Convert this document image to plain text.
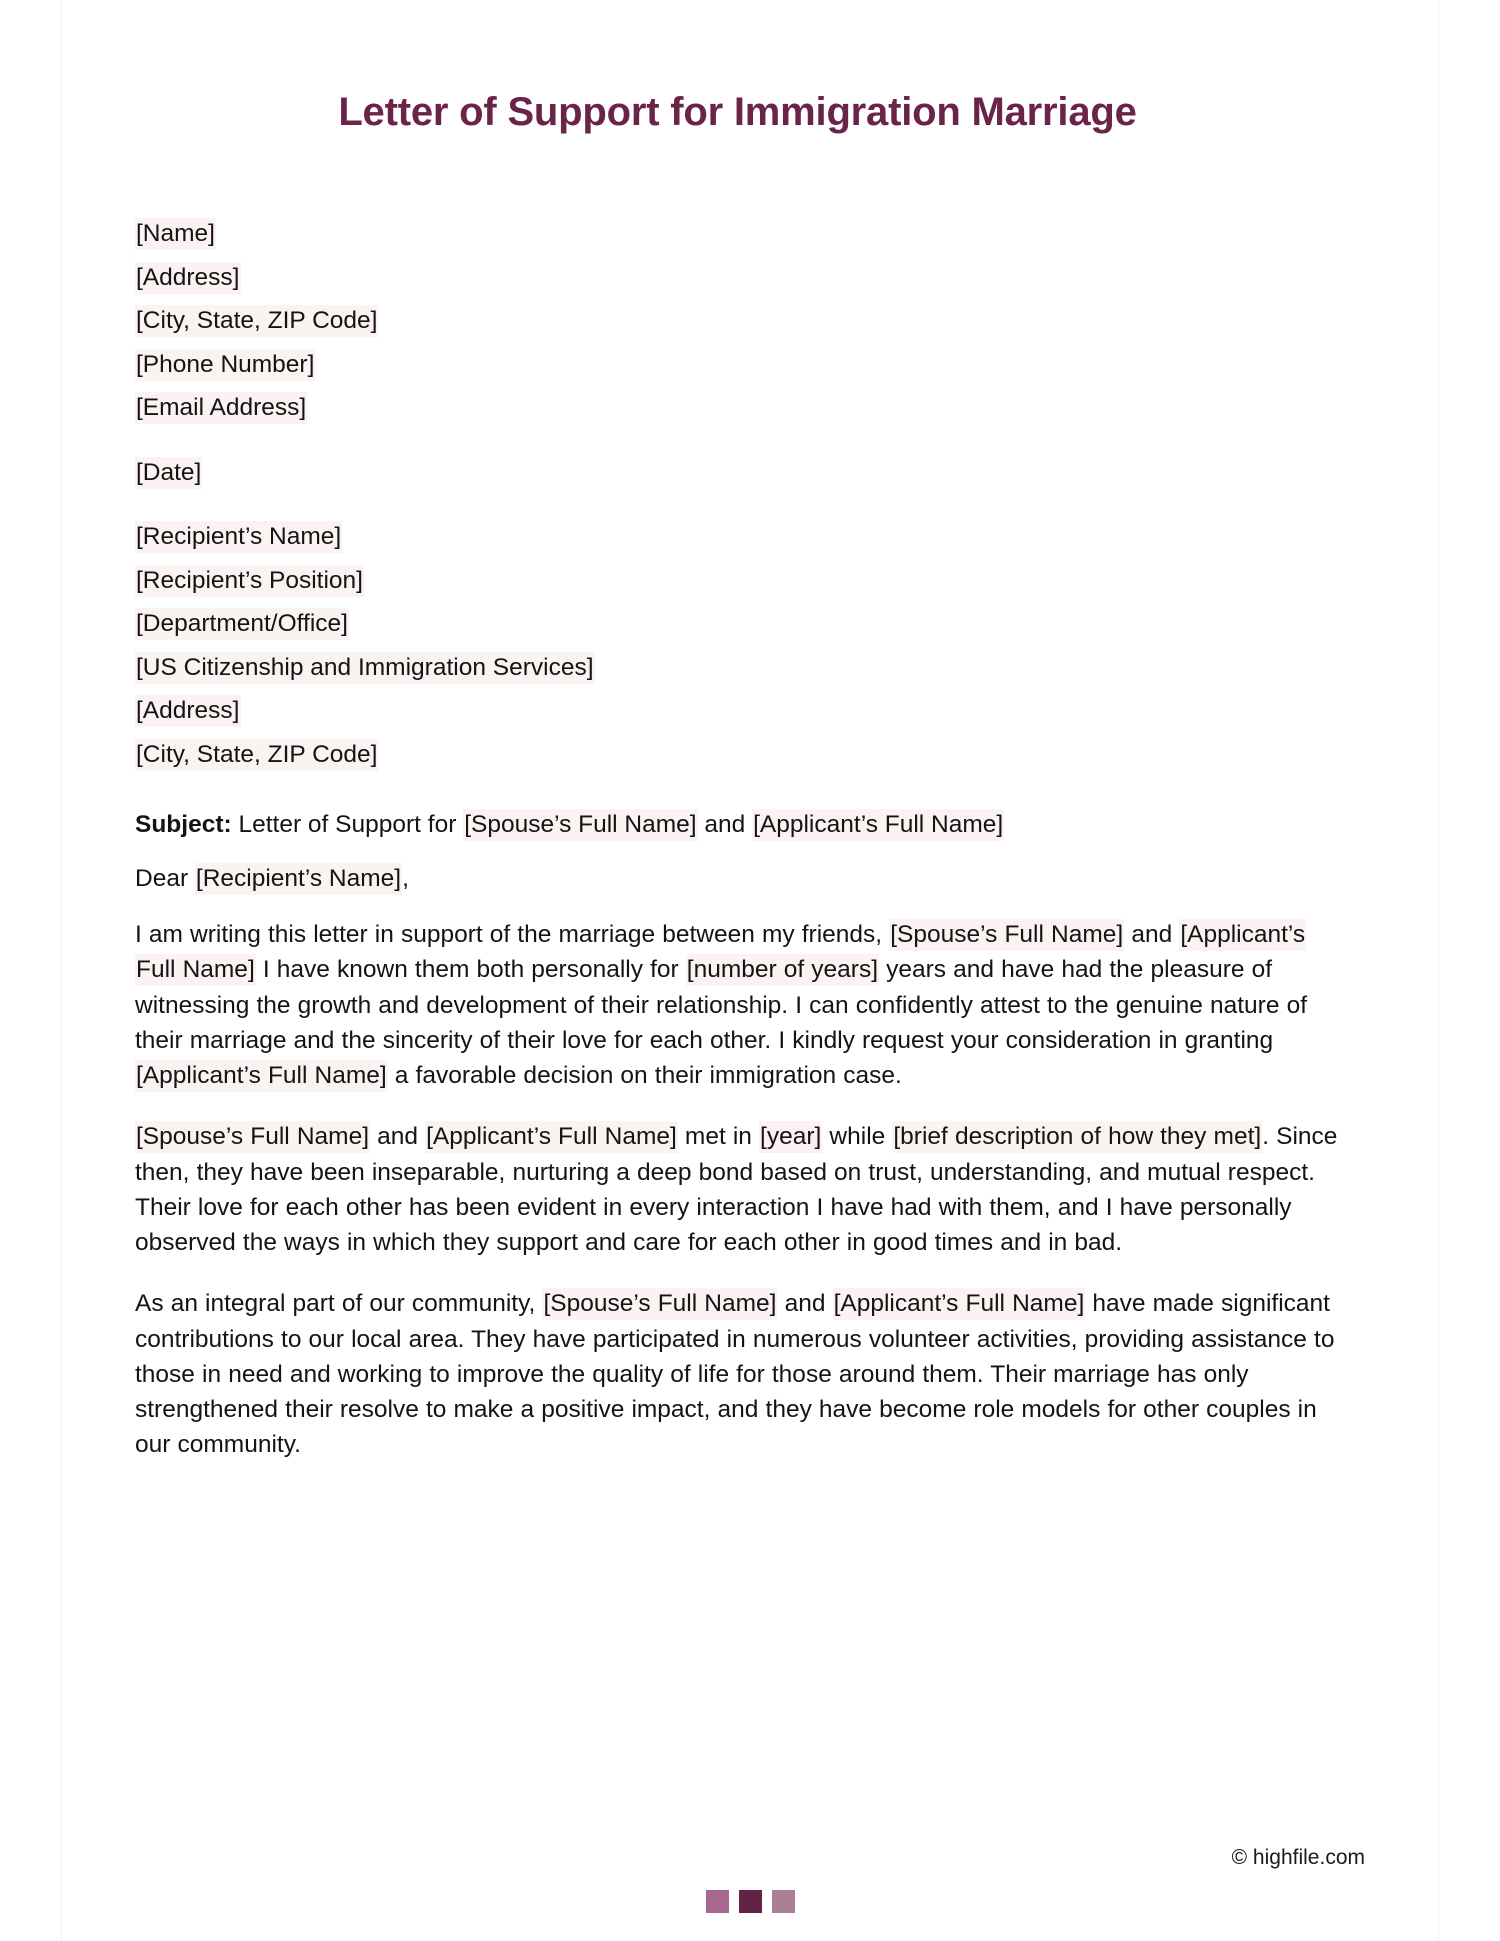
Letter of Support for Immigration Marriage
[Name]
[Address]
[City, State, ZIP Code]
[Phone Number]
[Email Address]
[Date]
[Recipient’s Name]
[Recipient’s Position]
[Department/Office]
[US Citizenship and Immigration Services]
[Address]
[City, State, ZIP Code]
Subject: Letter of Support for [Spouse’s Full Name] and [Applicant’s Full Name]
Dear [Recipient’s Name],

I am writing this letter in support of the marriage between my friends, [Spouse’s Full Name] and [Applicant’s Full Name] I have known them both personally for [number of years] years and have had the pleasure of witnessing the growth and development of their relationship. I can confidently attest to the genuine nature of their marriage and the sincerity of their love for each other. I kindly request your consideration in granting [Applicant’s Full Name] a favorable decision on their immigration case.

[Spouse’s Full Name] and [Applicant’s Full Name] met in [year] while [brief description of how they met]. Since then, they have been inseparable, nurturing a deep bond based on trust, understanding, and mutual respect. Their love for each other has been evident in every interaction I have had with them, and I have personally observed the ways in which they support and care for each other in good times and in bad.

As an integral part of our community, [Spouse’s Full Name] and [Applicant’s Full Name] have made significant contributions to our local area. They have participated in numerous volunteer activities, providing assistance to those in need and working to improve the quality of life for those around them. Their marriage has only strengthened their resolve to make a positive impact, and they have become role models for other couples in our community.

© highfile.com
